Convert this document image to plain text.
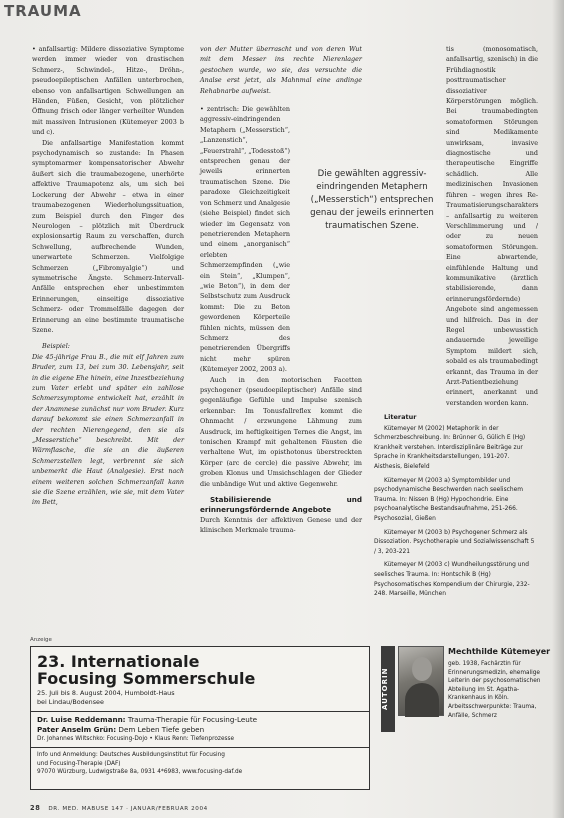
TRAUMA

• anfallsartig: Mildere dissoziative Symptome werden immer wieder von drastischen Schmerz-, Schwindel-, Hitze-, Dröhn-, pseudoepileptischen Anfällen unterbrochen, ebenso von anfallsartigen Schwellungen an Händen, Füßen, Gesicht, von plötzlicher Öffnung frisch oder länger verheilter Wunden mit massiven Intrusionen (Kütemeyer 2003 b und c).

Die anfallsartige Manifestation kommt psychodynamisch so zustande: In Phasen symptomarmer kompensatorischer Abwehr äußert sich die traumabezogene, unerhörte affektive Traumapotenz als, um sich bei Lockerung der Abwehr – etwa in einer traumabezogenen Wiederholungssituation, zum Beispiel durch den Finger des Neurologen – plötzlich mit Überdruck explosionsartig Raum zu verschaffen, durch Schwellung, aufbrechende Wunden, unerwartete Schmerzen. Vielfolgige Schmerzen („Fibromyalgie“) und symmetrische Ängste. Schmerz-Intervall-Anfälle entsprechen eher unbestimmten Erinnerungen, einseitige dissoziative Schmerz- oder Trommelfälle dagegen der Erinnerung an eine bestimmte traumatische Szene.

Beispiel:

Die 45-jährige Frau B., die mit elf Jahren zum Bruder, zum 13, bei zum 30. Lebensjahr, seit in die eigene Ehe hinein, eine Inzestbeziehung zum Vater erlebt und später ein zahllose Schmerzsymptome entwickelt hat, erzählt in der Anamnese zunächst nur vom Bruder. Kurz darauf bekommt sie einen Schmerzanfall in der rechten Nierengegend, den sie als „Messerstiche“ beschreibt. Mit der Wärmflasche, die sie an die äußeren Schmerzstellen legt, verbrennt sie sich unbemerkt die Haut (Analgesie). Erst nach einem weiteren solchen Schmerzanfall kann sie die Szene erzählen, wie sie, mit dem Vater im Bett,

von der Mutter überrascht und von deren Wut mit dem Messer ins rechte Nierenlager gestochen wurde, wo sie, das versuchte die Analse erst jetzt, als Mahnmal eine andinge Rehabnarbe aufweist.

• zentrisch: Die gewählten aggressiv-eindringenden Metaphern („Messerstich“, „Lanzenstich“, „Feuerstrahl“, „Todesstoß“) entsprechen genau der jeweils erinnerten traumatischen Szene. Die paradoxe Gleichzeitigkeit von Schmerz und Analgesie (siehe Beispiel) findet sich wieder im Gegensatz von penetrierenden Metaphern und einem „anorganisch“ erlebten Schmerzempfinden („wie ein Stein“, „Klumpen“, „wie Beton“), in dem der Selbstschutz zum Ausdruck kommt: Die zu Beton gewordenen Körperteile fühlen nichts, müssen den Schmerz des penetrierenden Übergriffs nicht mehr spüren (Kütemeyer 2002, 2003 a).

Auch in den motorischen Facetten psychogener (pseudoepileptischer) Anfälle sind gegenläufige Gefühle und Impulse szenisch erkennbar: Im Tonusfallreflex kommt die Ohnmacht / erzwungene Lähmung zum Ausdruck, im heftigkeitigen Ternes die Angst, im tonischen Krampf mit gehaltenen Fäusten die verhaltene Wut, im opisthotonus überstreckten Körper (arc de cercle) die passive Abwehr, im groben Klonus und Umsichschlagen der Glieder die unbändige Wut und aktive Gegenwehr.

Stabilisierende und erinnerungsfördernde Angebote

Durch Kenntnis der affektiven Genese und der klinischen Merkmale trauma-

Die gewählten aggressiv-eindringenden Metaphern („Messerstich“) entsprechen genau der jeweils erinnerten traumatischen Szene.

tis (monosomatisch, anfallsartig, szenisch) in die Frühdiagnostik posttraumatischer dissoziativer Körperstörungen möglich. Bei traumabedingten somatoformen Störungen sind Medikamente unwirksam, invasive diagnostische und therapeutische Eingriffe schädlich. Alle medizinischen Invasionen führen – wegen ihres Re-Traumatisierungscharakters – anfallsartig zu weiteren Verschlimmerung und / oder zu neuen somatoformen Störungen. Eine abwartende, einfühlende Haltung und kommunikative (ärztlich stabilisierende, dann erinnerungsfördernde) Angebote sind angemessen und hilfreich. Das in der Regel unbewusstich andauernde jeweilige Symptom mildert sich, sobald es als traumabedingt erkannt, das Trauma in der Arzt-Patientbeziehung erinnert, anerkannt und verstanden worden kann.

Literatur

Kütemeyer M (2002) Metaphorik in der Schmerzbeschreibung. In: Brünner G, Gülich E (Hg) Krankheit verstehen. Interdisziplinäre Beiträge zur Sprache in Krankheitsdarstellungen, 191-207. Aisthesis, Bielefeld

Kütemeyer M (2003 a) Symptombilder und psychodynamische Beschwerden nach seelischem Trauma. In: Nissen B (Hg) Hypochondrie. Eine psychoanalytische Bestandsaufnahme, 251-266. Psychosozial, Gießen

Kütemeyer M (2003 b) Psychogener Schmerz als Dissoziation. Psychotherapie und Sozialwissenschaft 5 / 3, 203-221

Kütemeyer M (2003 c) Wundheilungsstörung und seelisches Trauma. In: Hontschik B (Hg) Psychosomatisches Kompendium der Chirurgie, 232-248. Marseille, München

Anzeige
23. Internationale
Focusing Sommerschule
25. Juli bis 8. August 2004, Humboldt-Haus
bei Lindau/Bodensee
Dr. Luise Reddemann: Trauma-Therapie für Focusing-Leute
Pater Anselm Grün: Dem Leben Tiefe geben
Dr. Johannes Wiltschko: Focusing-Dojo • Klaus Renn: Tiefenprozesse
Info und Anmeldung: Deutsches Ausbildungsinstitut für Focusing
und Focusing-Therapie (DAF)
97070 Würzburg, Ludwigstraße 8a, 0931 4*6983, www.focusing-daf.de
AUTORIN
Mechthilde Kütemeyer
geb. 1938, Fachärztin für Erinnerungsmedizin, ehemalige Leiterin der psychosomatischen Abteilung im St. Agatha-Krankenhaus in Köln. Arbeitsschwerpunkte: Trauma, Anfälle, Schmerz
28 DR. MED. MABUSE 147 · JANUAR/FEBRUAR 2004
